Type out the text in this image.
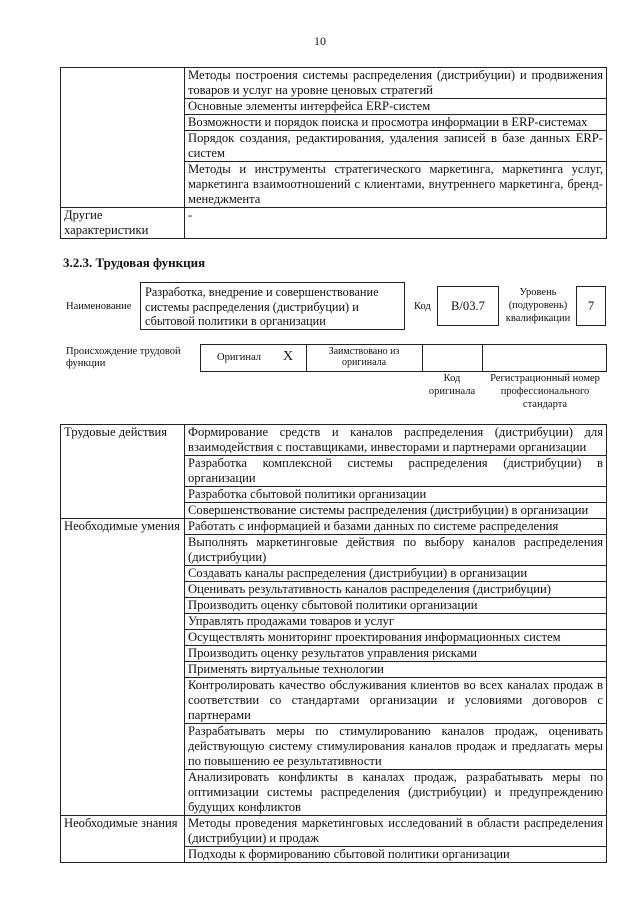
10
	Методы построения системы распределения (дистрибуции) и продвижения товаров и услуг на уровне ценовых стратегий
	Основные элементы интерфейса ERP-систем
	Возможности и порядок поиска и просмотра информации в ERP-системах
	Порядок создания, редактирования, удаления записей в базе данных ERP-систем
	Методы и инструменты стратегического маркетинга, маркетинга услуг, маркетинга взаимоотношений с клиентами, внутреннего маркетинга, бренд-менеджмента
Другие характеристики	-
3.2.3. Трудовая функция
Наименование
Разработка, внедрение и совершенствование системы распределения (дистрибуции) и сбытовой политики в организации
Код B/03.7
Уровень (подуровень) квалификации
7
Происхождение трудовой функции
Оригинал X	Заимствовано из оригинала
Код оригинала
Регистрационный номер профессионального стандарта
Трудовые действия	Формирование средств и каналов распределения (дистрибуции) для взаимодействия с поставщиками, инвесторами и партнерами организации
	Разработка комплексной системы распределения (дистрибуции) в организации
	Разработка сбытовой политики организации
	Совершенствование системы распределения (дистрибуции) в организации
Необходимые умения	Работать с информацией и базами данных по системе распределения
	Выполнять маркетинговые действия по выбору каналов распределения (дистрибуции)
	Создавать каналы распределения (дистрибуции) в организации
	Оценивать результативность каналов распределения (дистрибуции)
	Производить оценку сбытовой политики организации
	Управлять продажами товаров и услуг
	Осуществлять мониторинг проектирования информационных систем
	Производить оценку результатов управления рисками
	Применять виртуальные технологии
	Контролировать качество обслуживания клиентов во всех каналах продаж в соответствии со стандартами организации и условиями договоров с партнерами
	Разрабатывать меры по стимулированию каналов продаж, оценивать действующую систему стимулирования каналов продаж и предлагать меры по повышению ее результативности
	Анализировать конфликты в каналах продаж, разрабатывать меры по оптимизации системы распределения (дистрибуции) и предупреждению будущих конфликтов
Необходимые знания	Методы проведения маркетинговых исследований в области распределения (дистрибуции) и продаж
	Подходы к формированию сбытовой политики организации
